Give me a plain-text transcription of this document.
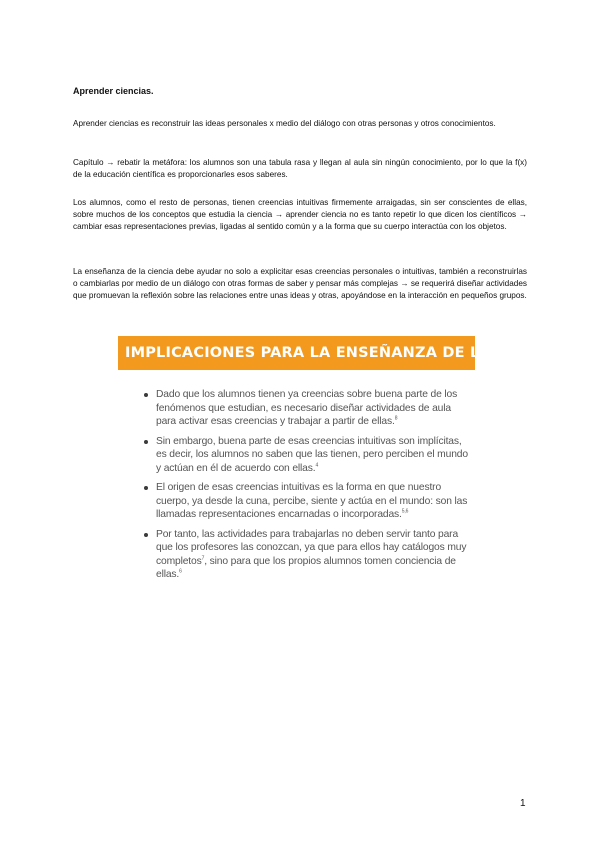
Aprender ciencias.

Aprender ciencias es reconstruir las ideas personales x medio del diálogo con otras personas y otros conocimientos.

Capítulo → rebatir la metáfora: los alumnos son una tabula rasa y llegan al aula sin ningún conocimiento, por lo que la f(x) de la educación científica es proporcionarles esos saberes.

Los alumnos, como el resto de personas, tienen creencias intuitivas firmemente arraigadas, sin ser conscientes de ellas, sobre muchos de los conceptos que estudia la ciencia → aprender ciencia no es tanto repetir lo que dicen los científicos → cambiar esas representaciones previas, ligadas al sentido común y a la forma que su cuerpo interactúa con los objetos.

La enseñanza de la ciencia debe ayudar no solo a explicitar esas creencias personales o intuitivas, también a reconstruirlas o cambiarlas por medio de un diálogo con otras formas de saber y pensar más complejas → se requerirá diseñar actividades que promuevan la reflexión sobre las relaciones entre unas ideas y otras, apoyándose en la interacción en pequeños grupos.

IMPLICACIONES PARA LA ENSEÑANZA DE LAS CIENCIAS
Dado que los alumnos tienen ya creencias sobre buena parte de los fenómenos que estudian, es necesario diseñar actividades de aula para activar esas creencias y trabajar a partir de ellas.$^8$
Sin embargo, buena parte de esas creencias intuitivas son implícitas, es decir, los alumnos no saben que las tienen, pero perciben el mundo y actúan en él de acuerdo con ellas.$^4$
El origen de esas creencias intuitivas es la forma en que nuestro cuerpo, ya desde la cuna, percibe, siente y actúa en el mundo: son las llamadas representaciones encarnadas o incorporadas.$^{5,6}$
Por tanto, las actividades para trabajarlas no deben servir tanto para que los profesores las conozcan, ya que para ellos hay catálogos muy completos$^7$, sino para que los propios alumnos tomen conciencia de ellas.$^6$
1
